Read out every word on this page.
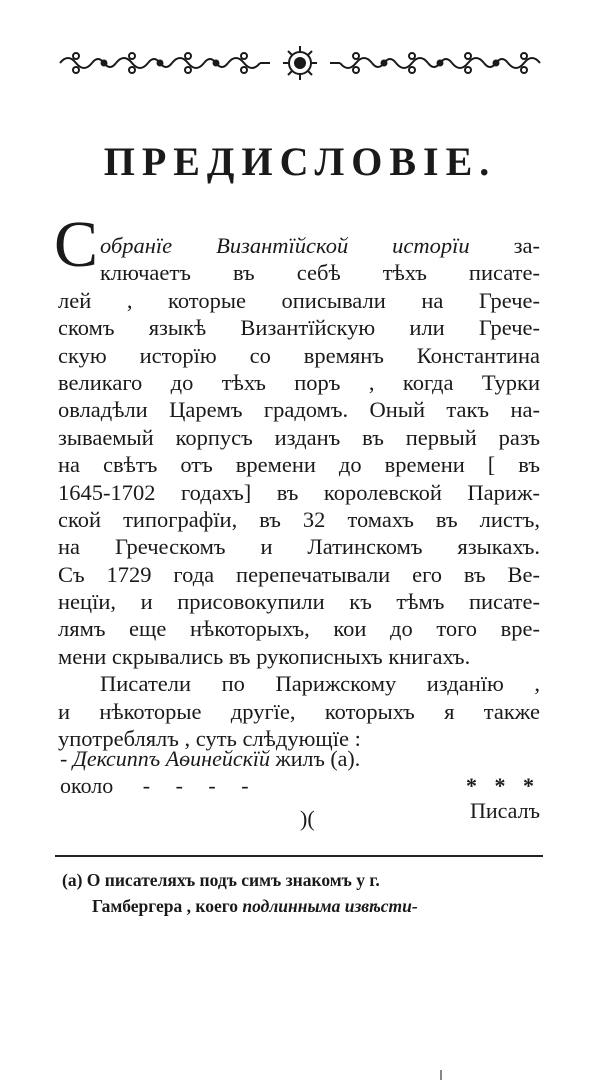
ПРЕДИСЛОВІЕ.
С обранїе Византїйской исторїи за-
ключаетъ въ себѣ тѣхъ писате-
лей , которые описывали на Грече-
скомъ языкѣ Византїйскую или Грече-
скую исторїю со времянъ Константина
великаго до тѣхъ поръ , когда Турки
овладѣли Царемъ градомъ. Оный такъ на-
зываемый корпусъ изданъ въ первый разъ
на свѣтъ отъ времени до времени [ въ
1645-1702 годахъ] въ королевской Париж-
ской типографїи, въ 32 томахъ въ листъ,
на Греческомъ и Латинскомъ языкахъ.
Съ 1729 года перепечатывали его въ Ве-
нецїи, и присовокупили къ тѣмъ писате-
лямъ еще нѣкоторыхъ, кои до того вре-
мени скрывались въ рукописныхъ книгахъ.
Писатели по Парижскому изданїю ,
и нѣкоторые другїе, которыхъ я также
употреблялъ , суть слѣдующїе :
- Дексиппъ Аѳинейскїй жилъ (а).
около - - - -	* * *
)(	Писалъ
(a) О писателяхъ подъ симъ знакомъ у г.
Гамбергера , коего подлинныма извѣсти-
